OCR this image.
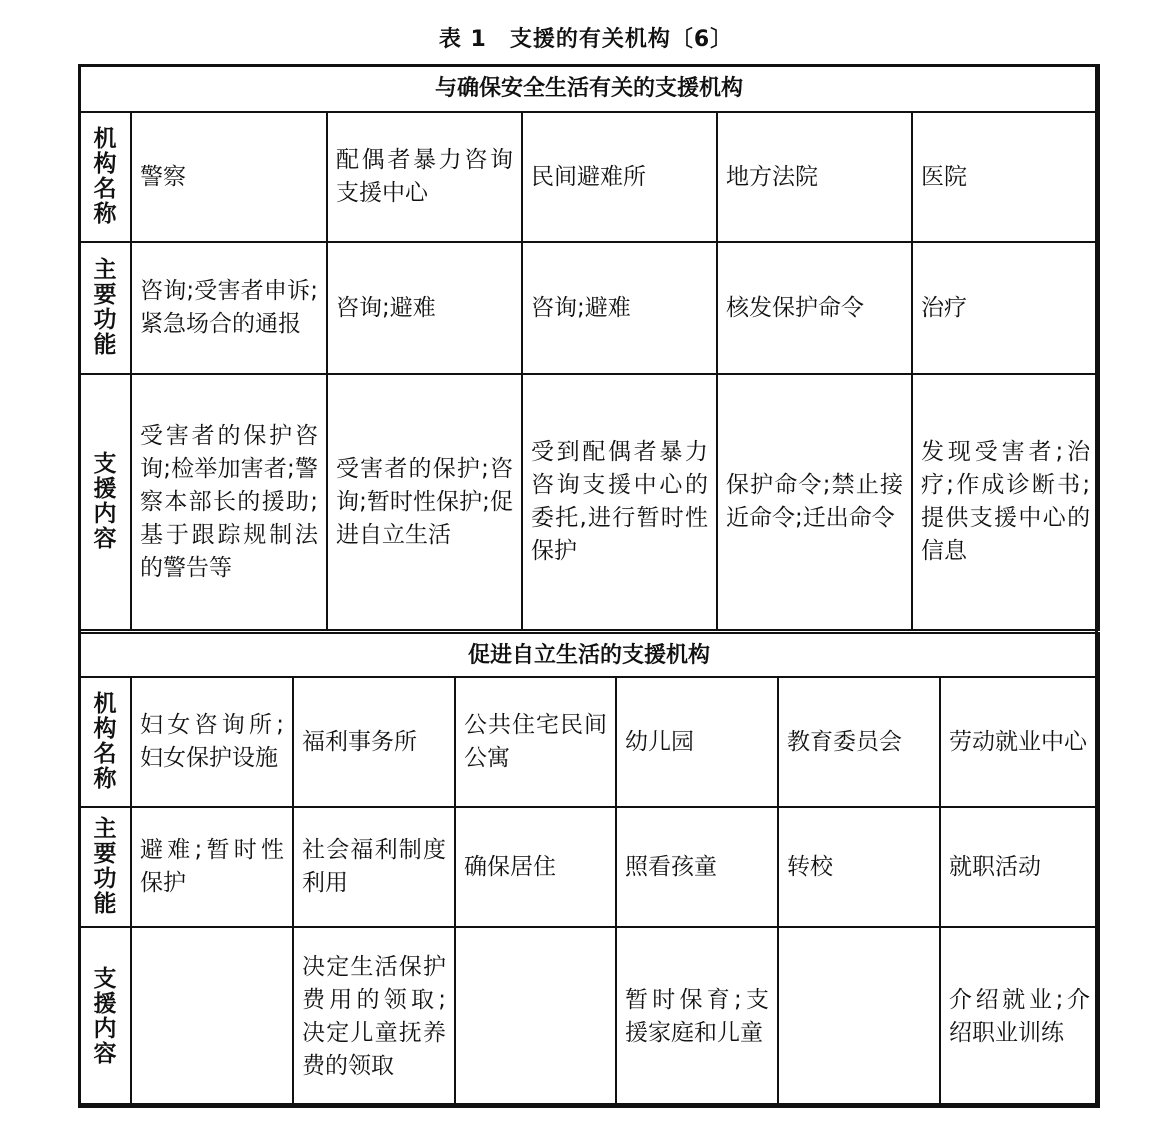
表 1　支援的有关机构〔6〕
与确保安全生活有关的支援机构					

机构名称	警察	配偶者暴力咨询支援中心	民间避难所	地方法院	医院

主要功能	咨询;受害者申诉;紧急场合的通报	咨询;避难	咨询;避难	核发保护命令	治疗

支援内容	受害者的保护咨询;检举加害者;警察本部长的援助;基于跟踪规制法的警告等	受害者的保护;咨询;暂时性保护;促进自立生活	受到配偶者暴力咨询支援中心的委托,进行暂时性保护	保护命令;禁止接近命令;迁出命令	发现受害者;治疗;作成诊断书;提供支援中心的信息
促进自立生活的支援机构						

机构名称	妇女咨询所;妇女保护设施	福利事务所	公共住宅民间公寓	幼儿园	教育委员会	劳动就业中心

主要功能	避难;暂时性保护	社会福利制度利用	确保居住	照看孩童	转校	就职活动

支援内容		决定生活保护费用的领取;决定儿童抚养费的领取		暂时保育;支援家庭和儿童		介绍就业;介绍职业训练
